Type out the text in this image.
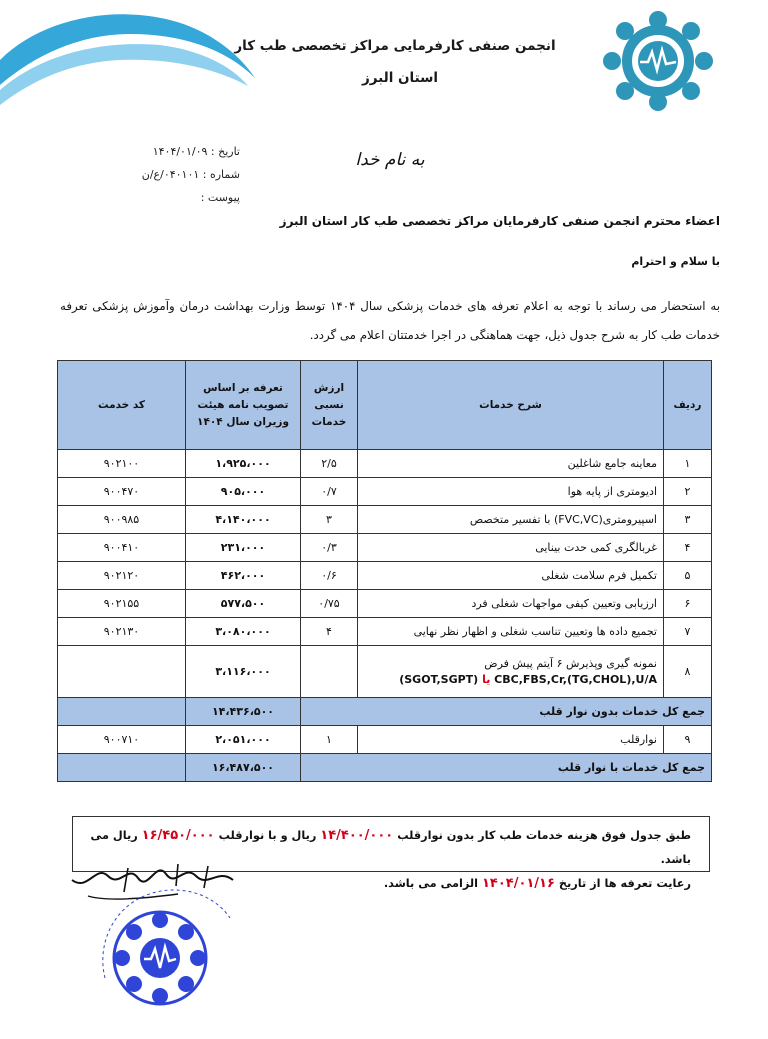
انجمن صنفی کارفرمایی مراکز تخصصی طب کار
استان البرز
تاریخ : ۱۴۰۴/۰۱/۰۹
شماره : ۰۴۰۱۰۱/ع/ن
پیوست :
به نام خدا
اعضاء محترم انجمن صنفی کارفرمایان مراکز تخصصی طب کار استان البرز
با سلام و احترام
به استحضار می رساند با توجه به اعلام تعرفه های خدمات پزشکی سال ۱۴۰۴ توسط وزارت بهداشت درمان وآموزش پزشکی تعرفه خدمات طب کار به شرح جدول ذیل، جهت هماهنگی در اجرا خدمتتان اعلام می گردد.
ردیف	شرح خدمات	ارزش نسبی خدمات	تعرفه بر اساس تصویب نامه هیئت وزیران سال ۱۴۰۴	کد خدمت
۱	معاینه جامع شاغلین	۲/۵	۱،۹۲۵،۰۰۰	۹۰۲۱۰۰
۲	ادیومتری از پایه هوا	۰/۷	۹۰۵،۰۰۰	۹۰۰۴۷۰
۳	اسپیرومتری(FVC,VC) با تفسیر متخصص	۳	۴،۱۴۰،۰۰۰	۹۰۰۹۸۵
۴	غربالگری کمی حدت بینایی	۰/۳	۲۳۱،۰۰۰	۹۰۰۴۱۰
۵	تکمیل فرم سلامت شغلی	۰/۶	۴۶۲،۰۰۰	۹۰۲۱۲۰
۶	ارزیابی وتعیین کیفی مواجهات شغلی فرد	۰/۷۵	۵۷۷،۵۰۰	۹۰۲۱۵۵
۷	تجمیع داده ها وتعیین تناسب شغلی و اظهار نظر نهایی	۴	۳،۰۸۰،۰۰۰	۹۰۲۱۳۰
۸	نمونه گیری وپذیرش ۶ آیتم پیش فرض
CBC,FBS,Cr,(TG,CHOL),U/A یا (SGOT,SGPT)		۳،۱۱۶،۰۰۰	
جمع کل خدمات بدون نوار قلب			۱۴،۴۳۶،۵۰۰	
۹	نوارقلب	۱	۲،۰۵۱،۰۰۰	۹۰۰۷۱۰
جمع کل خدمات با نوار قلب			۱۶،۴۸۷،۵۰۰	
طبق جدول فوق هزینه خدمات طب کار بدون نوارقلب ۱۴/۴۰۰/۰۰۰ ریال و با نوارقلب ۱۶/۴۵۰/۰۰۰ ریال می باشد.
رعایت تعرفه ها از تاریخ ۱۴۰۴/۰۱/۱۶ الزامی می باشد.
